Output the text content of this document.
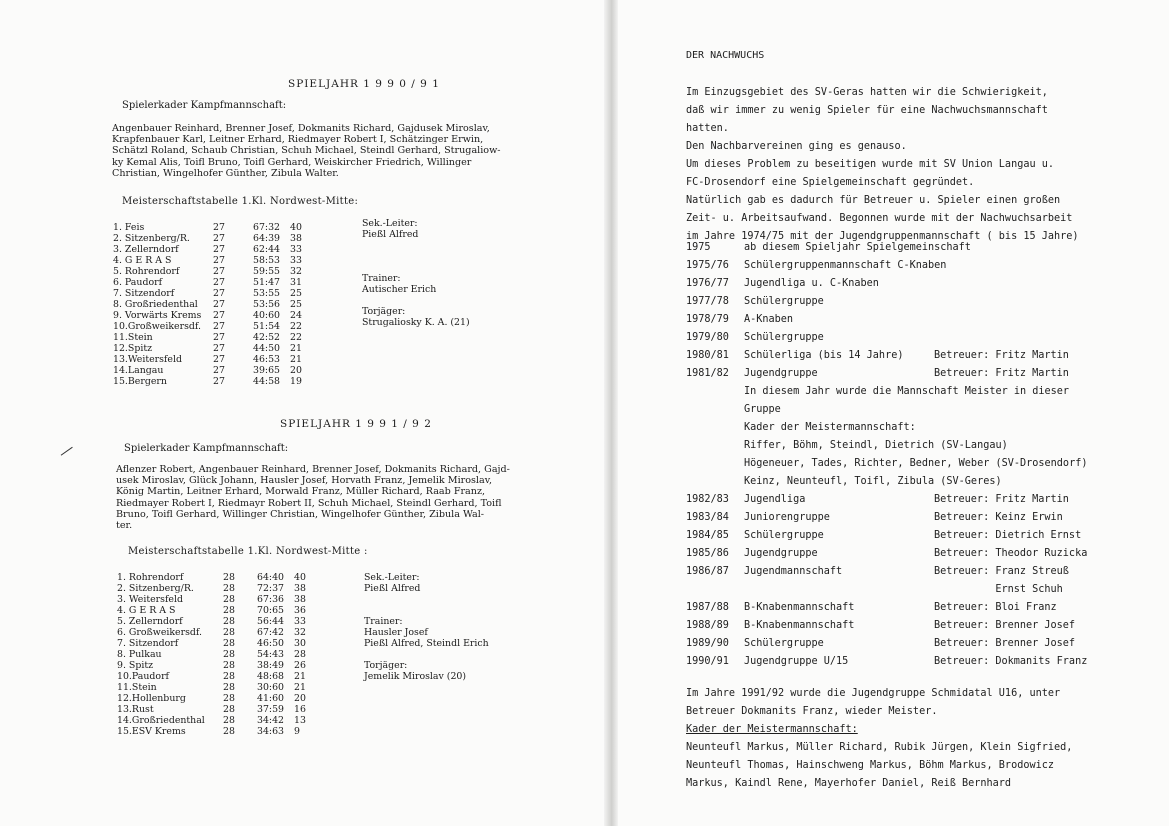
SPIELJAHR 1 9 9 0 / 9 1
Spielerkader Kampfmannschaft:
Angenbauer Reinhard, Brenner Josef, Dokmanits Richard, Gajdusek Miroslav,
Krapfenbauer Karl, Leitner Erhard, Riedmayer Robert I, Schätzinger Erwin,
Schätzl Roland, Schaub Christian, Schuh Michael, Steindl Gerhard, Strugaliow-
ky Kemal Alis, Toifl Bruno, Toifl Gerhard, Weiskircher Friedrich, Willinger
Christian, Wingelhofer Günther, Zibula Walter.
Meisterschaftstabelle 1.Kl. Nordwest-Mitte:
1. Feis	27	67:32 40
2. Sitzenberg/R. 27	64:39 38
3. Zellerndorf	27	62:44 33
4. G E R A S	27	58:53 33
5. Rohrendorf	27	59:55 32
6. Paudorf	27	51:47 31
7. Sitzendorf	27	53:55 25
8. Großriedenthal 27	53:56 25
9. Vorwärts Krems 27	40:60 24
10.Großweikersdf. 27	51:54 22
11.Stein	27	42:52 22
12.Spitz	27	44:50 21
13.Weitersfeld	27	46:53 21
14.Langau	27	39:65 20
15.Bergern	27	44:58 19
Sek.-Leiter:
Pießl Alfred
Trainer:
Autischer Erich
Torjäger:
Strugaliosky K. A. (21)
SPIELJAHR 1 9 9 1 / 9 2
Spielerkader Kampfmannschaft:
Aflenzer Robert, Angenbauer Reinhard, Brenner Josef, Dokmanits Richard, Gajd-
usek Miroslav, Glück Johann, Hausler Josef, Horvath Franz, Jemelik Miroslav,
König Martin, Leitner Erhard, Morwald Franz, Müller Richard, Raab Franz,
Riedmayer Robert I, Riedmayr Robert II, Schuh Michael, Steindl Gerhard, Toifl
Bruno, Toifl Gerhard, Willinger Christian, Wingelhofer Günther, Zibula Wal-
ter.
Meisterschaftstabelle 1.Kl. Nordwest-Mitte :
1. Rohrendorf	28 64:40 40
2. Sitzenberg/R.	28 72:37 38
3. Weitersfeld	28 67:36 38
4. G E R A S	28 70:65 36
5. Zellerndorf	28 56:44 33
6. Großweikersdf. 28 67:42 32
7. Sitzendorf	28 46:50 30
8. Pulkau	28 54:43 28
9. Spitz	28 38:49 26
10.Paudorf	28 48:68 21
11.Stein	28 30:60 21
12.Hollenburg	28 41:60 20
13.Rust	28 37:59 16
14.Großriedenthal 28 34:42 13
15.ESV Krems	28 34:63 9
Sek.-Leiter:
Pießl Alfred
Trainer:
Hausler Josef
Pießl Alfred, Steindl Erich
Torjäger:
Jemelik Miroslav (20)
DER NACHWUCHS
Im Einzugsgebiet des SV-Geras hatten wir die Schwierigkeit,
daß wir immer zu wenig Spieler für eine Nachwuchsmannschaft
hatten.
Den Nachbarvereinen ging es genauso.
Um dieses Problem zu beseitigen wurde mit SV Union Langau u.
FC-Drosendorf eine Spielgemeinschaft gegründet.
Natürlich gab es dadurch für Betreuer u. Spieler einen großen
Zeit- u. Arbeitsaufwand. Begonnen wurde mit der Nachwuchsarbeit
im Jahre 1974/75 mit der Jugendgruppenmannschaft ( bis 15 Jahre)
1975	ab diesem Spieljahr Spielgemeinschaft
1975/76 Schülergruppenmannschaft C-Knaben
1976/77 Jugendliga u. C-Knaben
1977/78 Schülergruppe
1978/79 A-Knaben
1979/80 Schülergruppe
1980/81 Schülerliga (bis 14 Jahre)	Betreuer: Fritz Martin
1981/82 Jugendgruppe	Betreuer: Fritz Martin
In diesem Jahr wurde die Mannschaft Meister in dieser
Gruppe
Kader der Meistermannschaft:
Riffer, Böhm, Steindl, Dietrich (SV-Langau)
Högeneuer, Tades, Richter, Bedner, Weber (SV-Drosendorf)
Keinz, Neunteufl, Toifl, Zibula (SV-Geres)
1982/83 Jugendliga	Betreuer: Fritz Martin
1983/84 Juniorengruppe	Betreuer: Keinz Erwin
1984/85 Schülergruppe	Betreuer: Dietrich Ernst
1985/86 Jugendgruppe	Betreuer: Theodor Ruzicka
1986/87 Jugendmannschaft	Betreuer: Franz Streuß
Ernst Schuh
1987/88 B-Knabenmannschaft	Betreuer: Bloi Franz
1988/89 B-Knabenmannschaft	Betreuer: Brenner Josef
1989/90 Schülergruppe	Betreuer: Brenner Josef
1990/91 Jugendgruppe U/15	Betreuer: Dokmanits Franz
Im Jahre 1991/92 wurde die Jugendgruppe Schmidatal U16, unter
Betreuer Dokmanits Franz, wieder Meister.
Kader der Meistermannschaft:
Neunteufl Markus, Müller Richard, Rubik Jürgen, Klein Sigfried,
Neunteufl Thomas, Hainschweng Markus, Böhm Markus, Brodowicz
Markus, Kaindl Rene, Mayerhofer Daniel, Reiß Bernhard
